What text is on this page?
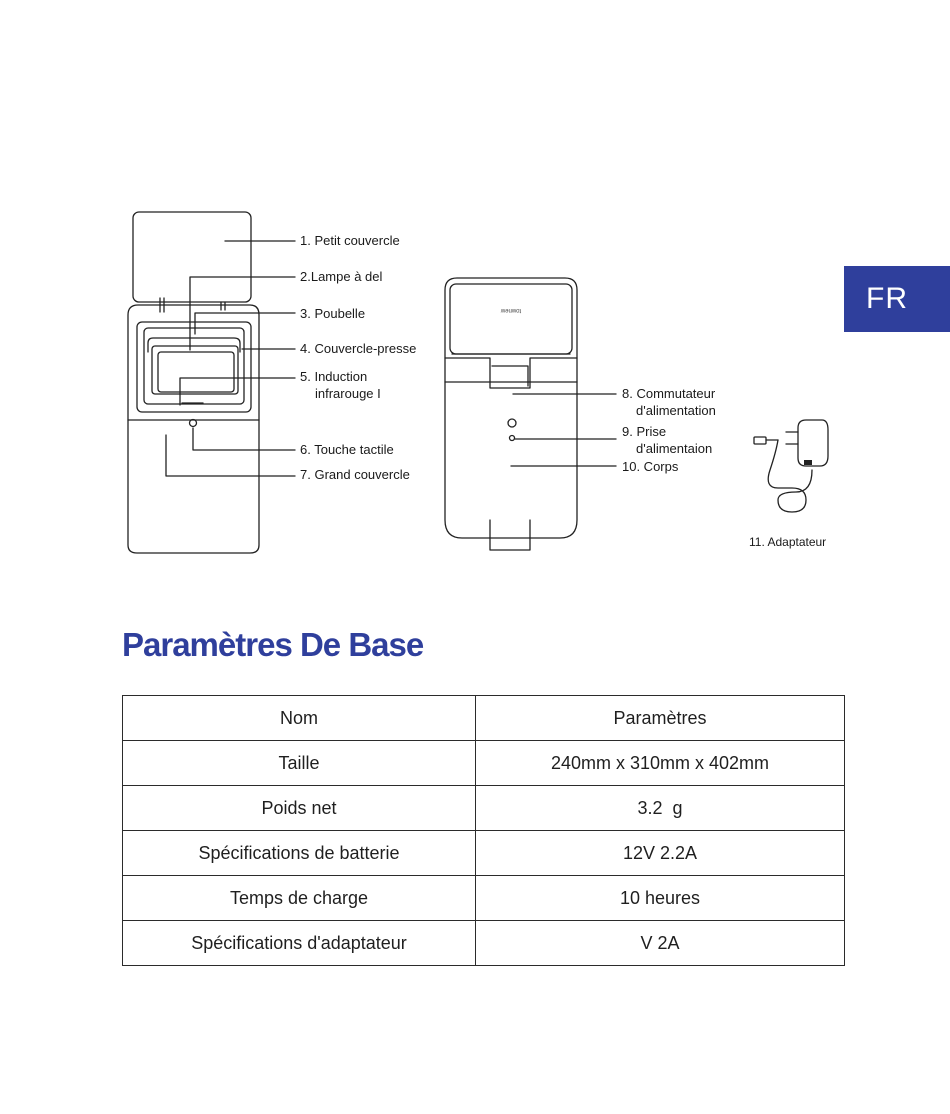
FR
townew
1. Petit couvercle
2.Lampe à del
3. Poubelle
4. Couvercle-presse
5. Induction
infrarouge I
6. Touche tactile
7. Grand couvercle
8. Commutateur
d'alimentation
9. Prise
d'alimentaion
10. Corps
11. Adaptateur
Paramètres De Base
Nom	Paramètres
Taille	240mm x 310mm x 402mm
Poids net	3.2  g
Spécifications de batterie	12V 2.2A
Temps de charge	10 heures
Spécifications d'adaptateur	V 2A
